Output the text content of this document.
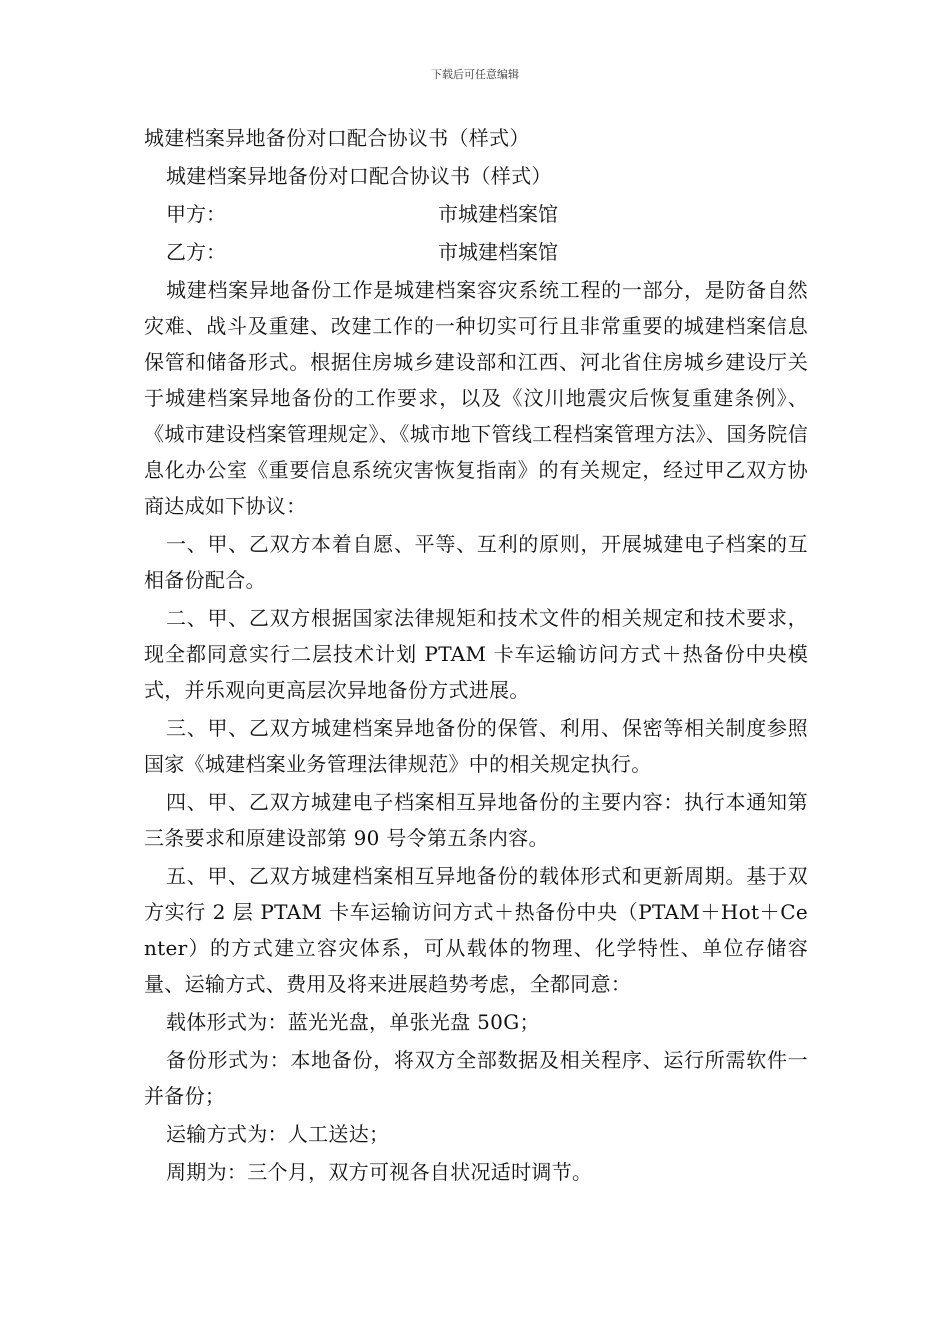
下载后可任意编辑

城建档案异地备份对口配合协议书（样式）

城建档案异地备份对口配合协议书（样式）

甲方：	市城建档案馆
乙方：	市城建档案馆

城建档案异地备份工作是城建档案容灾系统工程的一部分，是防备自然灾难、战斗及重建、改建工作的一种切实可行且非常重要的城建档案信息保管和储备形式。根据住房城乡建设部和江西、河北省住房城乡建设厅关于城建档案异地备份的工作要求，以及《汶川地震灾后恢复重建条例》、《城市建设档案管理规定》、《城市地下管线工程档案管理方法》、国务院信息化办公室《重要信息系统灾害恢复指南》的有关规定，经过甲乙双方协商达成如下协议：

一、甲、乙双方本着自愿、平等、互利的原则，开展城建电子档案的互相备份配合。

二、甲、乙双方根据国家法律规矩和技术文件的相关规定和技术要求，现全都同意实行二层技术计划 PTAM 卡车运输访问方式＋热备份中央模式，并乐观向更高层次异地备份方式进展。

三、甲、乙双方城建档案异地备份的保管、利用、保密等相关制度参照国家《城建档案业务管理法律规范》中的相关规定执行。

四、甲、乙双方城建电子档案相互异地备份的主要内容：执行本通知第三条要求和原建设部第 90 号令第五条内容。

五、甲、乙双方城建档案相互异地备份的载体形式和更新周期。基于双方实行 2 层 PTAM 卡车运输访问方式＋热备份中央（PTAM＋Hot＋Center）的方式建立容灾体系，可从载体的物理、化学特性、单位存储容量、运输方式、费用及将来进展趋势考虑，全都同意：

载体形式为：蓝光光盘，单张光盘 50G；

备份形式为：本地备份，将双方全部数据及相关程序、运行所需软件一并备份；

运输方式为：人工送达；

周期为：三个月，双方可视各自状况适时调节。
